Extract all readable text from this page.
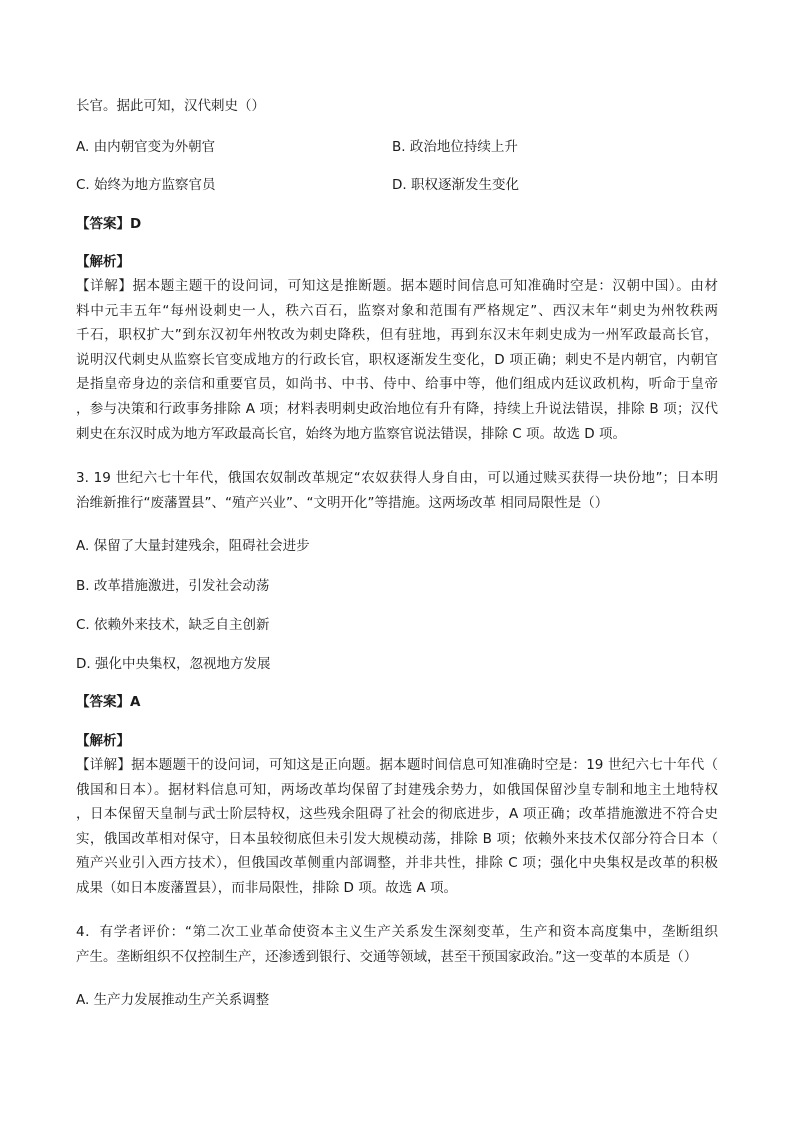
长官。据此可知，汉代刺史（）
A. 由内朝官变为外朝官	B. 政治地位持续上升
C. 始终为地方监察官员	D. 职权逐渐发生变化
【答案】D
【解析】
【详解】据本题主题干的设问词，可知这是推断题。据本题时间信息可知准确时空是：汉朝中国）。由材
料中元丰五年“每州设刺史一人，秩六百石，监察对象和范围有严格规定”、西汉末年“刺史为州牧秩两
千石，职权扩大”到东汉初年州牧改为刺史降秩，但有驻地，再到东汉末年刺史成为一州军政最高长官，
说明汉代刺史从监察长官变成地方的行政长官，职权逐渐发生变化，D 项正确；刺史不是内朝官，内朝官
是指皇帝身边的亲信和重要官员，如尚书、中书、侍中、给事中等，他们组成内廷议政机构，听命于皇帝
，参与决策和行政事务排除 A 项；材料表明刺史政治地位有升有降，持续上升说法错误，排除 B 项；汉代
刺史在东汉时成为地方军政最高长官，始终为地方监察官说法错误，排除 C 项。故选 D 项。
3. 19 世纪六七十年代，俄国农奴制改革规定“农奴获得人身自由，可以通过赎买获得一块份地”；日本明
治维新推行“废藩置县”、“殖产兴业”、“文明开化”等措施。这两场改革 相同局限性是（）
A. 保留了大量封建残余，阻碍社会进步
B. 改革措施激进，引发社会动荡
C. 依赖外来技术，缺乏自主创新
D. 强化中央集权，忽视地方发展
【答案】A
【解析】
【详解】据本题题干的设问词，可知这是正向题。据本题时间信息可知准确时空是：19 世纪六七十年代（
俄国和日本）。据材料信息可知，两场改革均保留了封建残余势力，如俄国保留沙皇专制和地主土地特权
，日本保留天皇制与武士阶层特权，这些残余阻碍了社会的彻底进步，A 项正确；改革措施激进不符合史
实，俄国改革相对保守，日本虽较彻底但未引发大规模动荡，排除 B 项；依赖外来技术仅部分符合日本（
殖产兴业引入西方技术），但俄国改革侧重内部调整，并非共性，排除 C 项；强化中央集权是改革的积极
成果（如日本废藩置县），而非局限性，排除 D 项。故选 A 项。
4．有学者评价：“第二次工业革命使资本主义生产关系发生深刻变革，生产和资本高度集中，垄断组织
产生。垄断组织不仅控制生产，还渗透到银行、交通等领域，甚至干预国家政治。”这一变革的本质是（）
A. 生产力发展推动生产关系调整
